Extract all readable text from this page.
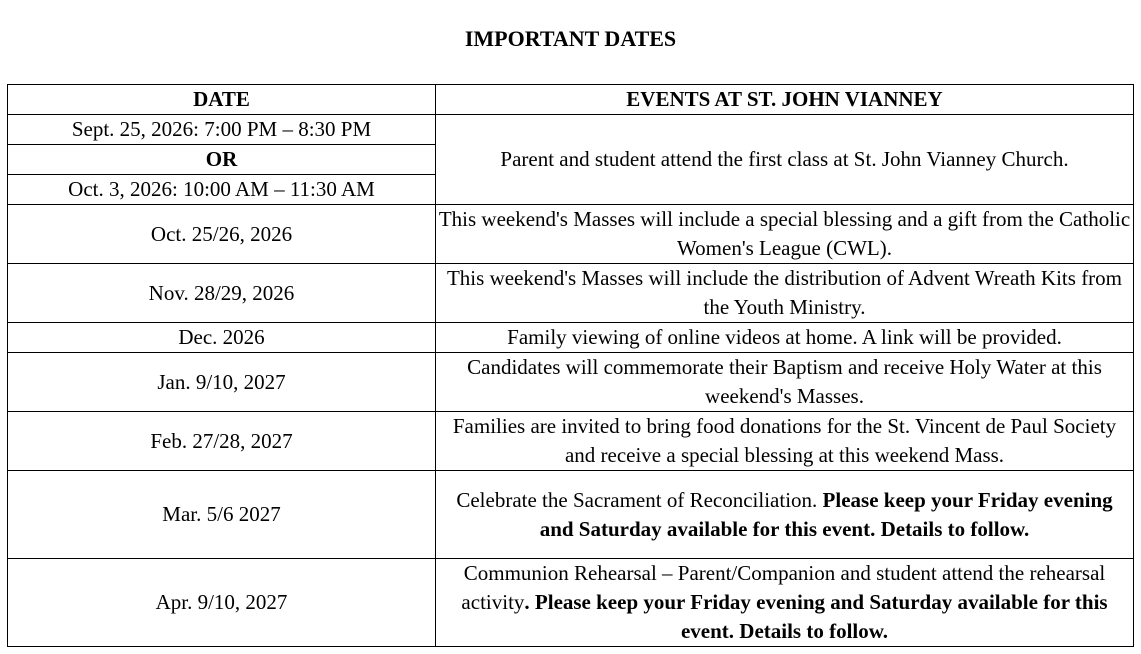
IMPORTANT DATES
DATE	EVENTS AT ST. JOHN VIANNEY
Sept. 25, 2026: 7:00 PM – 8:30 PM	Parent and student attend the first class at St. John Vianney Church.
OR	
Oct. 3, 2026: 10:00 AM – 11:30 AM	
Oct. 25/26, 2026	This weekend's Masses will include a special blessing and a gift from the Catholic Women's League (CWL).
Nov. 28/29, 2026	This weekend's Masses will include the distribution of Advent Wreath Kits from the Youth Ministry.
Dec. 2026	Family viewing of online videos at home. A link will be provided.
Jan. 9/10, 2027	Candidates will commemorate their Baptism and receive Holy Water at this weekend's Masses.
Feb. 27/28, 2027	Families are invited to bring food donations for the St. Vincent de Paul Society and receive a special blessing at this weekend Mass.
Mar. 5/6 2027	Celebrate the Sacrament of Reconciliation. Please keep your Friday evening and Saturday available for this event. Details to follow.
Apr. 9/10, 2027	Communion Rehearsal – Parent/Companion and student attend the rehearsal activity. Please keep your Friday evening and Saturday available for this event. Details to follow.
